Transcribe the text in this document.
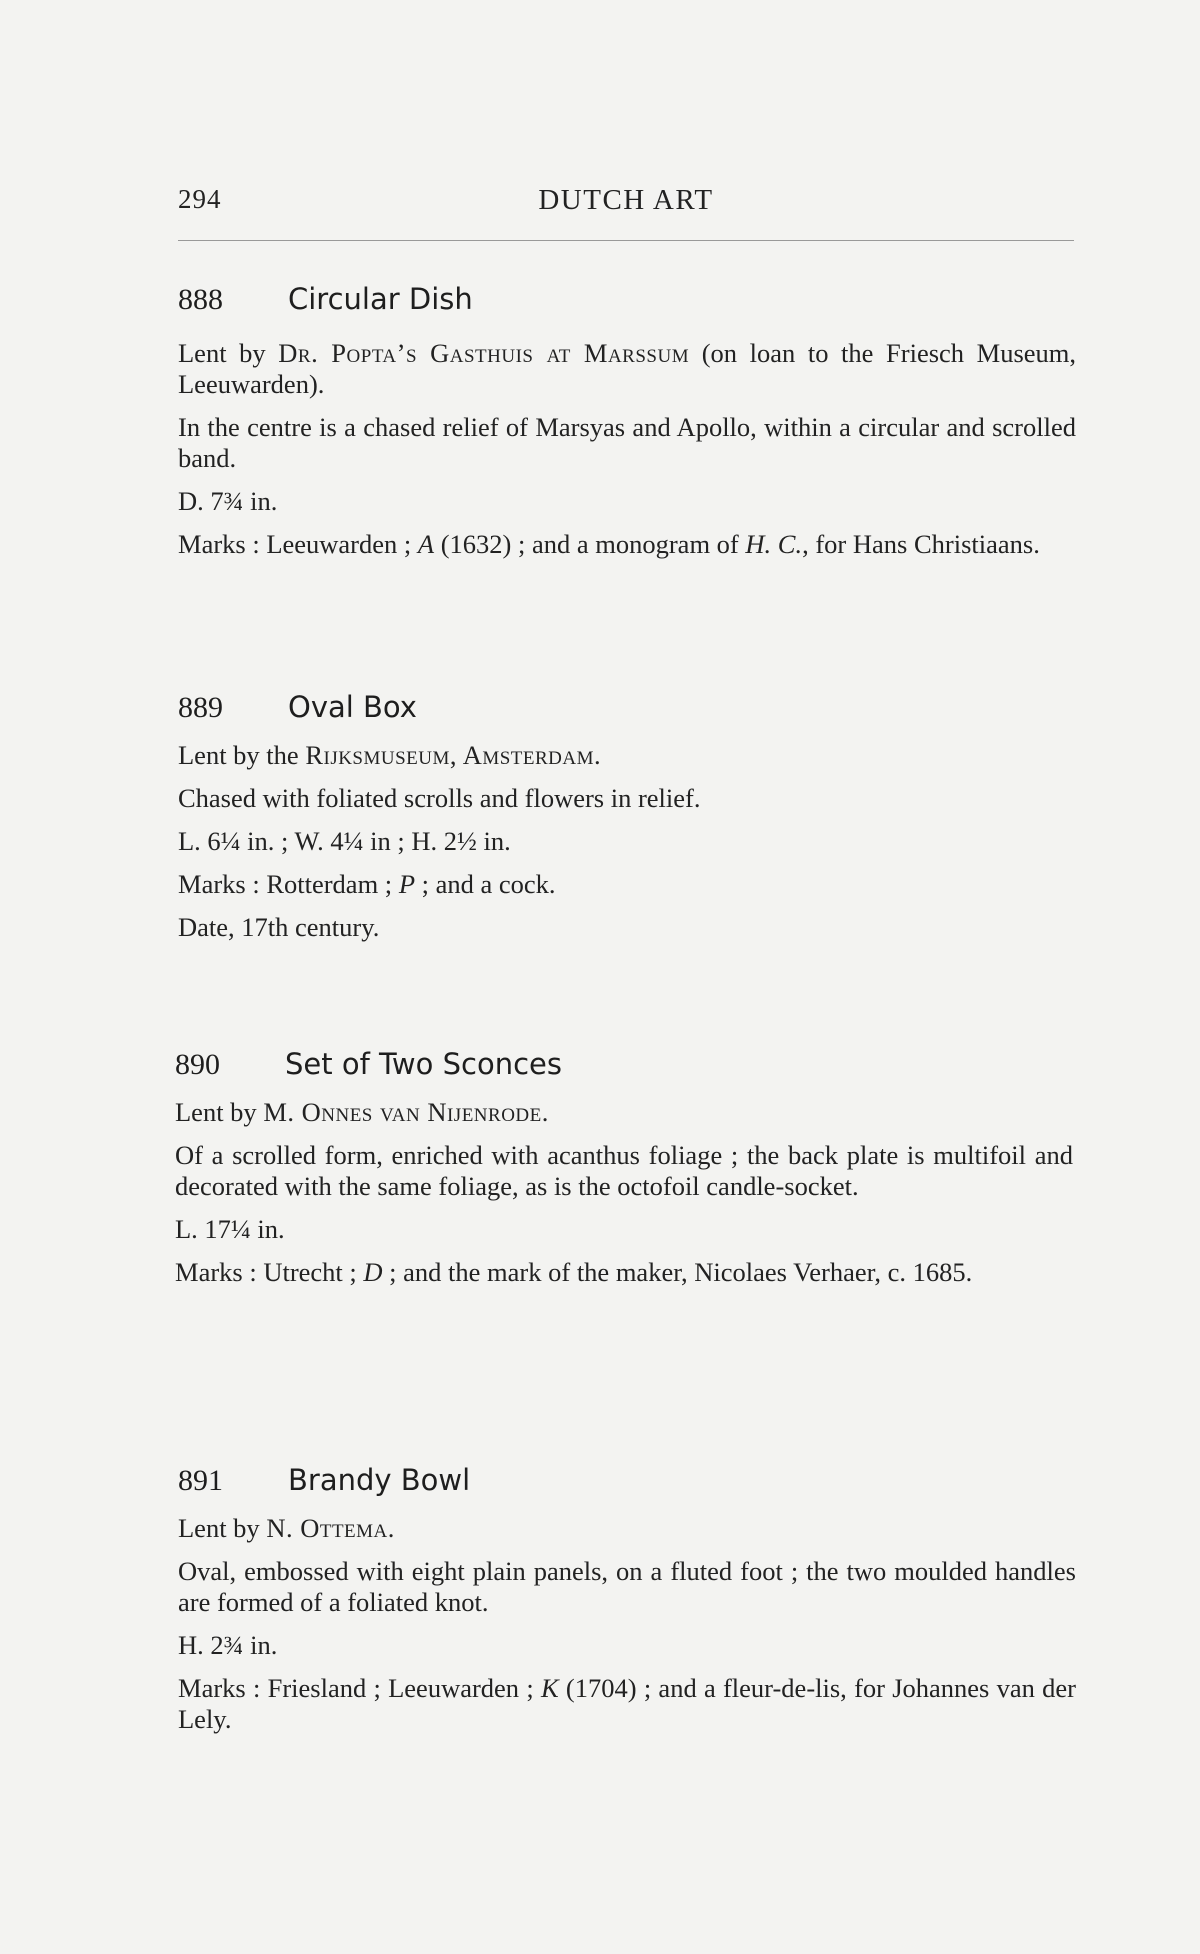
294	DUTCH ART
888 Circular Dish
Lent by Dr. Popta’s Gasthuis at Marssum (on loan to the Friesch Museum, Leeuwarden).
In the centre is a chased relief of Marsyas and Apollo, within a circular and scrolled band.
D. 7¾ in.
Marks : Leeuwarden ; A (1632) ; and a monogram of H. C., for Hans Christiaans.
889 Oval Box
Lent by the Rijksmuseum, Amsterdam.
Chased with foliated scrolls and flowers in relief.
L. 6¼ in. ; W. 4¼ in ; H. 2½ in.
Marks : Rotterdam ; P ; and a cock.
Date, 17th century.
890 Set of Two Sconces
Lent by M. Onnes van Nijenrode.
Of a scrolled form, enriched with acanthus foliage ; the back plate is multifoil and decorated with the same foliage, as is the octofoil candle-socket.
L. 17¼ in.
Marks : Utrecht ; D ; and the mark of the maker, Nicolaes Verhaer, c. 1685.
891 Brandy Bowl
Lent by N. Ottema.
Oval, embossed with eight plain panels, on a fluted foot ; the two moulded handles are formed of a foliated knot.
H. 2¾ in.
Marks : Friesland ; Leeuwarden ; K (1704) ; and a fleur-de-lis, for Johannes van der Lely.
